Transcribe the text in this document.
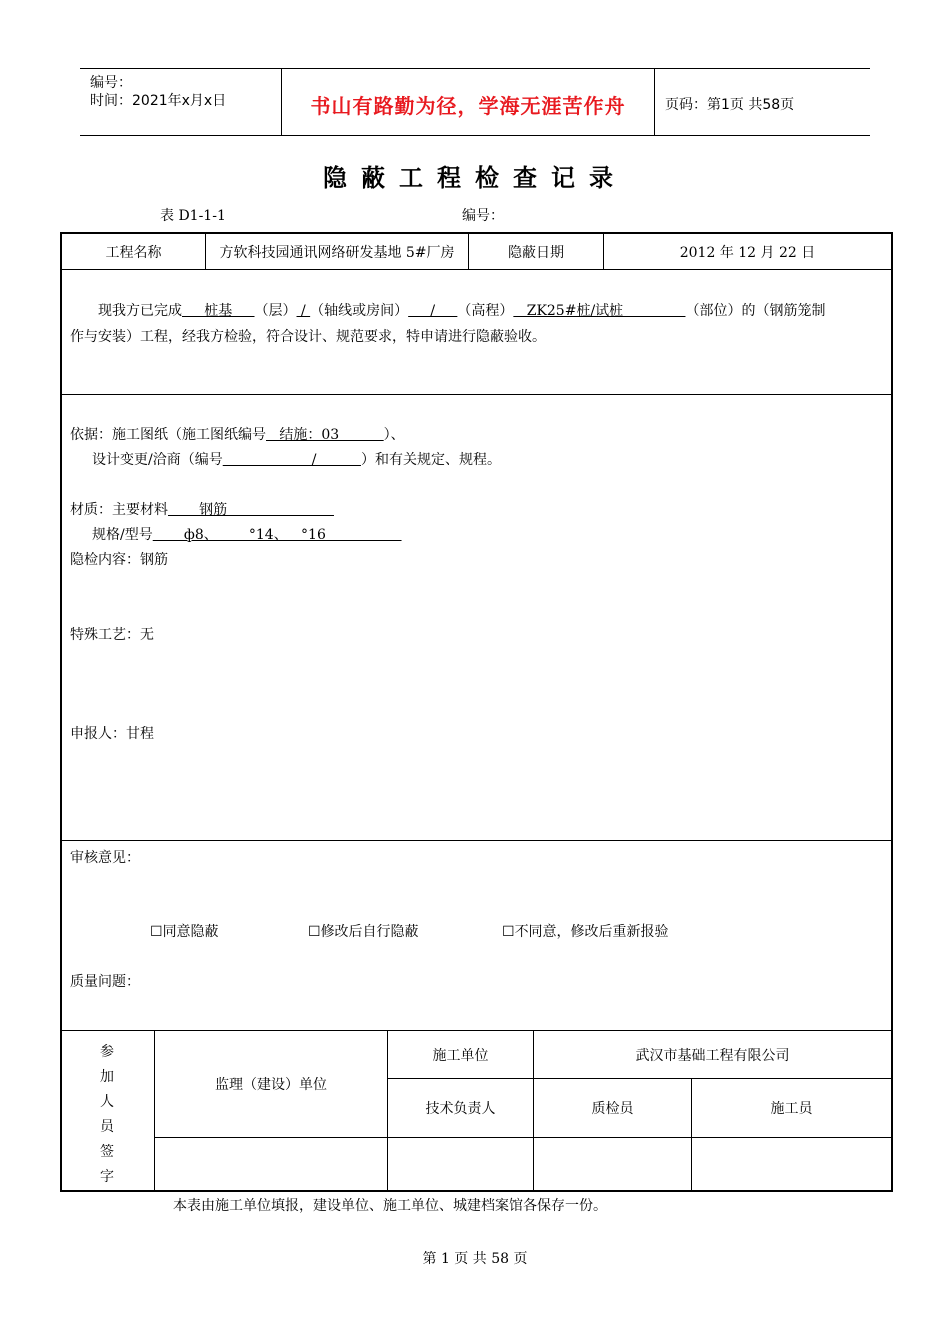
编号：
时间：2021年x月x日	书山有路勤为径，学海无涯苦作舟	页码：第1页 共58页
隐蔽工程检查记录
表 D1-1-1	编号：
工程名称	方软科技园通讯网络研发基地 5#厂房	隐蔽日期	2012 年 12 月 22 日
现我方已完成     桩基     （层） / （轴线或房间）     /     （高程）   ZK25#桩/试桩              （部位）的（钢筋笼制
作与安装）工程，经我方检验，符合设计、规范要求，特申请进行隐蔽验收。
依据：施工图纸（施工图纸编号   结施：03          ）、
设计变更/洽商（编号                    /          ）和有关规定、规程。
材质：主要材料       钢筋
规格/型号       ф8、       °14、   °16
隐检内容：钢筋
特殊工艺：无
申报人：甘程
审核意见：
☐同意隐蔽	☐修改后自行隐蔽	☐不同意，修改后重新报验
质量问题：
参
加
人
员
签
字
监理（建设）单位
施工单位	武汉市基础工程有限公司
技术负责人	质检员	施工员
本表由施工单位填报，建设单位、施工单位、城建档案馆各保存一份。
第 1 页 共 58 页
